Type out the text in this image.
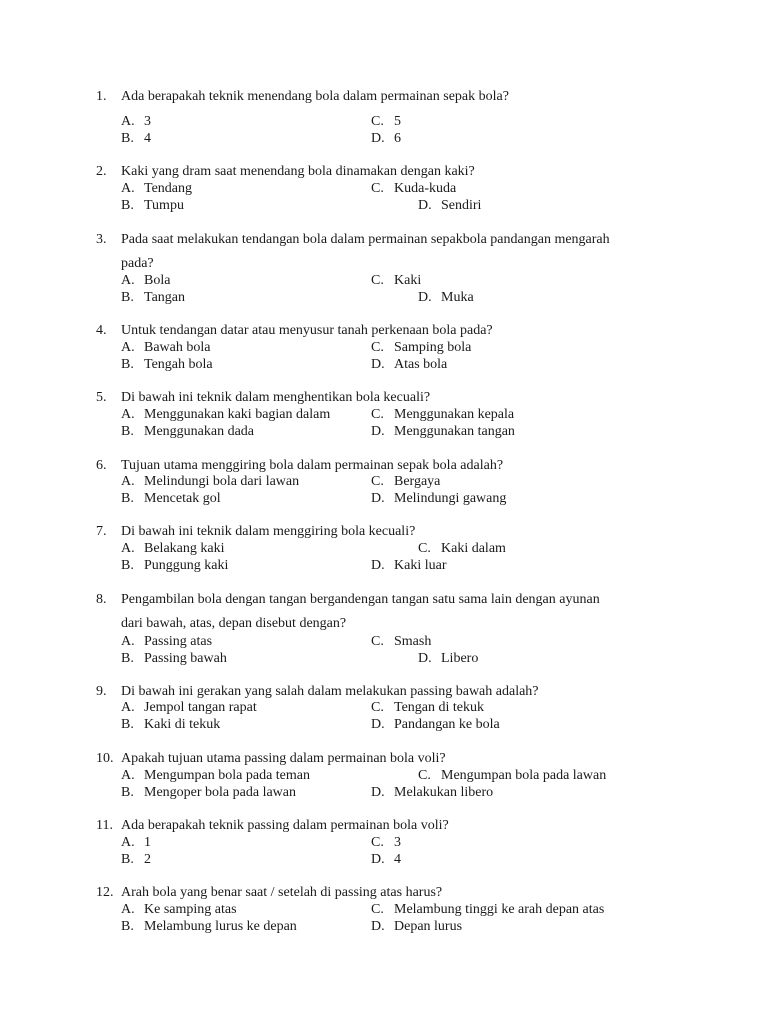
1. Ada berapakah teknik menendang bola dalam permainan sepak bola?
A. 3
B. 4
C. 5
D. 6
2. Kaki yang dram saat menendang bola dinamakan dengan kaki?
A. Tendang
B. Tumpu
C. Kuda-kuda
D. Sendiri
3. Pada saat melakukan tendangan bola dalam permainan sepakbola pandangan mengarah
pada?
A. Bola
B. Tangan
C. Kaki
D. Muka
4. Untuk tendangan datar atau menyusur tanah perkenaan bola pada?
A. Bawah bola
B. Tengah bola
C. Samping bola
D. Atas bola
5. Di bawah ini teknik dalam menghentikan bola kecuali?
A. Menggunakan kaki bagian dalam
B. Menggunakan dada
C. Menggunakan kepala
D. Menggunakan tangan
6. Tujuan utama menggiring bola dalam permainan sepak bola adalah?
A. Melindungi bola dari lawan
B. Mencetak gol
C. Bergaya
D. Melindungi gawang
7. Di bawah ini teknik dalam menggiring bola kecuali?
A. Belakang kaki
B. Punggung kaki
C. Kaki dalam
D. Kaki luar
8. Pengambilan bola dengan tangan bergandengan tangan satu sama lain dengan ayunan
dari bawah, atas, depan disebut dengan?
A. Passing atas
B. Passing bawah
C. Smash
D. Libero
9. Di bawah ini gerakan yang salah dalam melakukan passing bawah adalah?
A. Jempol tangan rapat
B. Kaki di tekuk
C. Tengan di tekuk
D. Pandangan ke bola
10. Apakah tujuan utama passing dalam permainan bola voli?
A. Mengumpan bola pada teman
B. Mengoper bola pada lawan
C. Mengumpan bola pada lawan
D. Melakukan libero
11. Ada berapakah teknik passing dalam permainan bola voli?
A. 1
B. 2
C. 3
D. 4
12. Arah bola yang benar saat / setelah di passing atas harus?
A. Ke samping atas
B. Melambung lurus ke depan
C. Melambung tinggi ke arah depan atas
D. Depan lurus
